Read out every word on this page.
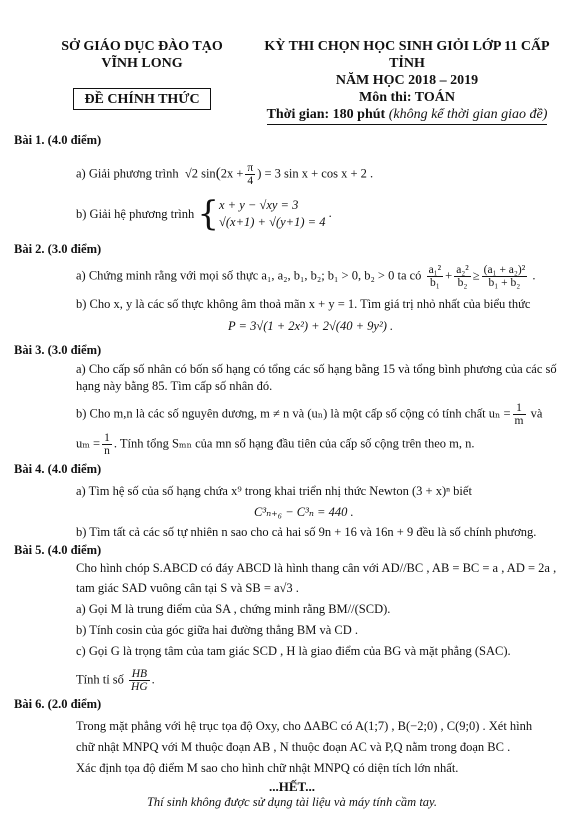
SỞ GIÁO DỤC ĐÀO TẠO
VĨNH LONG
ĐỀ CHÍNH THỨC
KỲ THI CHỌN HỌC SINH GIỎI LỚP 11 CẤP TỈNH
NĂM HỌC 2018 – 2019
Môn thi: TOÁN
Thời gian: 180 phút (không kể thời gian giao đề)
Bài 1. (4.0 điểm)
a) Giải phương trình  √2 $\sin(2x + \frac{\pi}{4}$ ) = 3 sin x + cos x + 2 .
b) Giải hệ phương trình {x + y − √xy = 3
√(x+1) + √(y+1) = 4 .
Bài 2. (3.0 điểm)
a) Chứng minh rằng với mọi số thực a₁, a₂, b₁, b₂; b₁ > 0, b₂ > 0 ta có $\frac{\text{a₁²}}{\text{b₁}} + \frac{\text{a₂²}}{\text{b₂}} \ge \frac{\text{(a₁ + a₂)²}}{\text{b₁ + b₂}}$ .
b) Cho x, y là các số thực không âm thoả mãn x + y = 1. Tìm giá trị nhỏ nhất của biểu thức
P = 3√(1 + 2x²) + 2√(40 + 9y²) .
Bài 3. (3.0 điểm)
a) Cho cấp số nhân có bốn số hạng có tổng các số hạng bằng 15 và tổng bình phương của các số
hạng này bằng 85. Tìm cấp số nhân đó.
b) Cho m,n là các số nguyên dương, m ≠ n và (uₙ) là một cấp số cộng có tính chất $u_n = \frac{1}{m}$ và
$u_m = \frac{1}{n}$ . Tính tổng Sₘₙ của mn số hạng đầu tiên của cấp số cộng trên theo m, n.
Bài 4. (4.0 điểm)
a) Tìm hệ số của số hạng chứa x⁹ trong khai triển nhị thức Newton (3 + x)ⁿ biết
C³ₙ₊₆ − C³ₙ = 440 .
b) Tìm tất cả các số tự nhiên n sao cho cả hai số 9n + 16 và 16n + 9 đều là số chính phương.
Bài 5. (4.0 điểm)
Cho hình chóp S.ABCD có đáy ABCD là hình thang cân với AD//BC , AB = BC = a , AD = 2a ,
tam giác SAD vuông cân tại S và SB = a√3 .
a) Gọi M là trung điểm của SA , chứng minh rằng BM//(SCD).
b) Tính cosin của góc giữa hai đường thẳng BM và CD .
c) Gọi G là trọng tâm của tam giác SCD , H là giao điểm của BG và mặt phẳng (SAC).
Tính tỉ số $\frac{HB}{HG}$ .
Bài 6. (2.0 điểm)
Trong mặt phẳng với hệ trục tọa độ Oxy, cho ΔABC có A(1;7) , B(−2;0) , C(9;0) . Xét hình
chữ nhật MNPQ với M thuộc đoạn AB , N thuộc đoạn AC và P,Q nằm trong đoạn BC .
Xác định tọa độ điểm M sao cho hình chữ nhật MNPQ có diện tích lớn nhất.
...HẾT...
Thí sinh không được sử dụng tài liệu và máy tính cầm tay.
